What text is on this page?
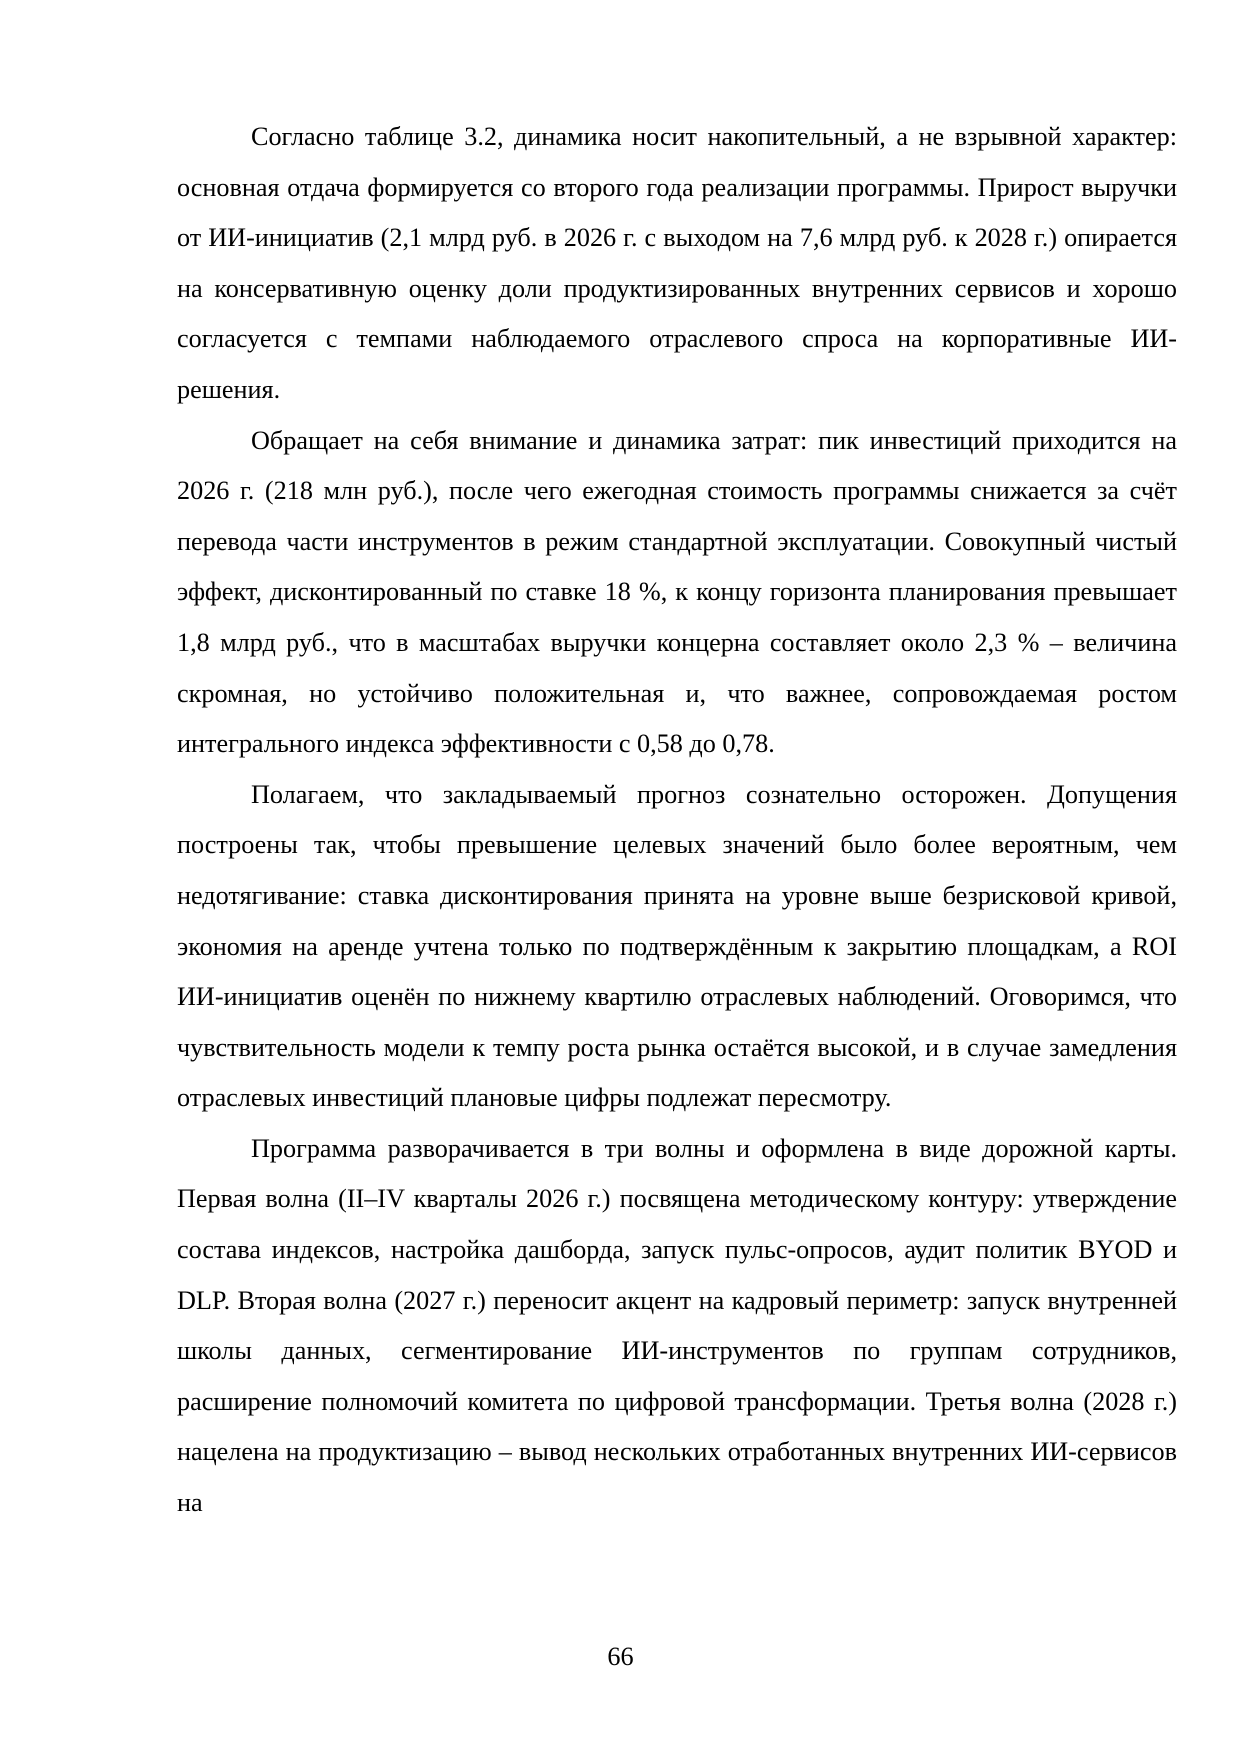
Согласно таблице 3.2, динамика носит накопительный, а не взрывной характер: основная отдача формируется со второго года реализации программы. Прирост выручки от ИИ-инициатив (2,1 млрд руб. в 2026 г. с выходом на 7,6 млрд руб. к 2028 г.) опирается на консервативную оценку доли продуктизированных внутренних сервисов и хорошо согласуется с темпами наблюдаемого отраслевого спроса на корпоративные ИИ-решения.

Обращает на себя внимание и динамика затрат: пик инвестиций приходится на 2026 г. (218 млн руб.), после чего ежегодная стоимость программы снижается за счёт перевода части инструментов в режим стандартной эксплуатации. Совокупный чистый эффект, дисконтированный по ставке 18 %, к концу горизонта планирования превышает 1,8 млрд руб., что в масштабах выручки концерна составляет около 2,3 % – величина скромная, но устойчиво положительная и, что важнее, сопровождаемая ростом интегрального индекса эффективности с 0,58 до 0,78.

Полагаем, что закладываемый прогноз сознательно осторожен. Допущения построены так, чтобы превышение целевых значений было более вероятным, чем недотягивание: ставка дисконтирования принята на уровне выше безрисковой кривой, экономия на аренде учтена только по подтверждённым к закрытию площадкам, а ROI ИИ-инициатив оценён по нижнему квартилю отраслевых наблюдений. Оговоримся, что чувствительность модели к темпу роста рынка остаётся высокой, и в случае замедления отраслевых инвестиций плановые цифры подлежат пересмотру.

Программа разворачивается в три волны и оформлена в виде дорожной карты. Первая волна (II–IV кварталы 2026 г.) посвящена методическому контуру: утверждение состава индексов, настройка дашборда, запуск пульс-опросов, аудит политик BYOD и DLP. Вторая волна (2027 г.) переносит акцент на кадровый периметр: запуск внутренней школы данных, сегментирование ИИ-инструментов по группам сотрудников, расширение полномочий комитета по цифровой трансформации. Третья волна (2028 г.) нацелена на продуктизацию – вывод нескольких отработанных внутренних ИИ-сервисов на

66
